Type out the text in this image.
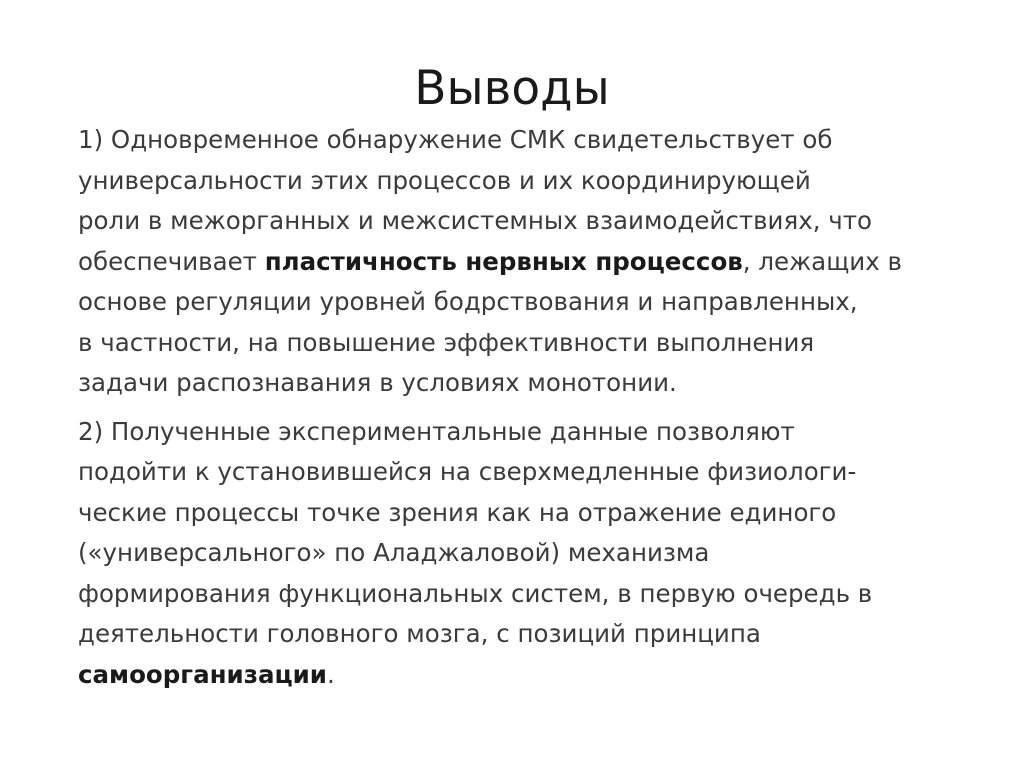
Выводы

1) Одновременное обнаружение СМК свидетельствует об
универсальности этих процессов и их координирующей
роли в межорганных и межсистемных взаимодействиях, что
обеспечивает пластичность нервных процессов, лежащих в
основе регуляции уровней бодрствования и направленных,
в частности, на повышение эффективности выполнения
задачи распознавания в условиях монотонии.

2) Полученные экспериментальные данные позволяют
подойти к установившейся на сверхмедленные физиологи-
ческие процессы точке зрения как на отражение единого
(«универсального» по Аладжаловой) механизма
формирования функциональных систем, в первую очередь в
деятельности головного мозга, с позиций принципа
самоорганизации.
